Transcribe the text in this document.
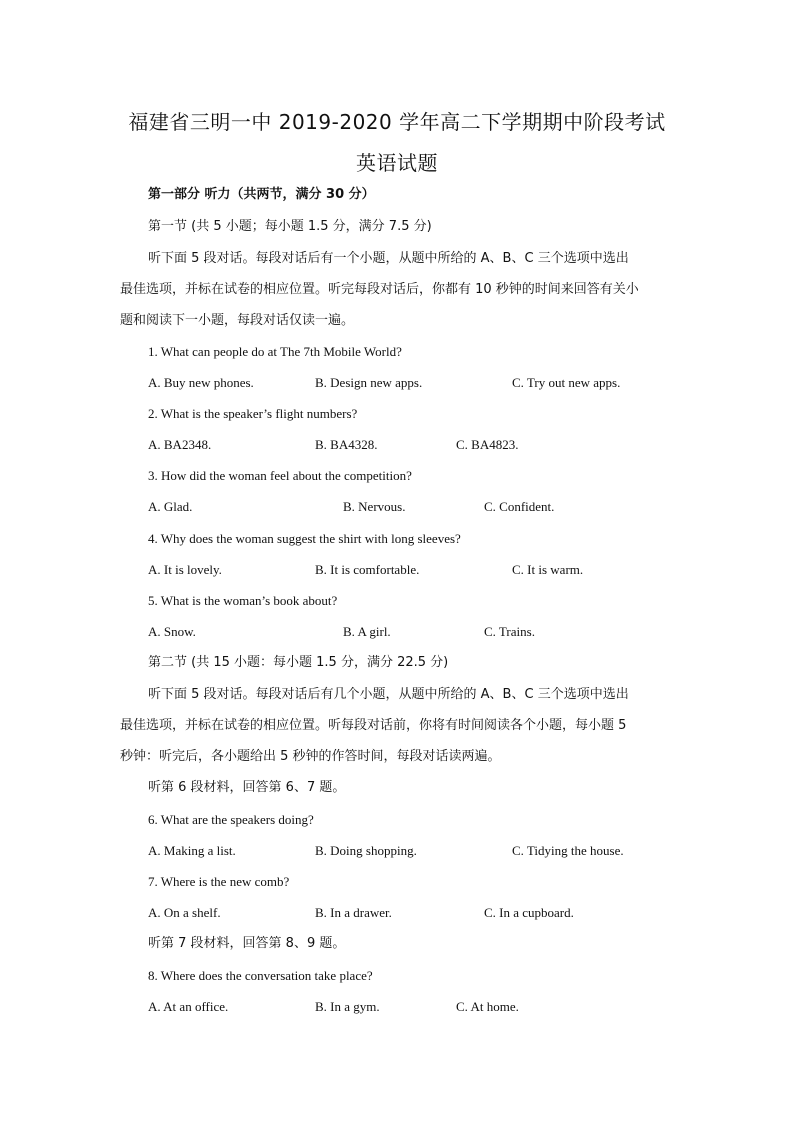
福建省三明一中 2019-2020 学年高二下学期期中阶段考试
英语试题
第一部分 听力（共两节，满分 30 分）
第一节 (共 5 小题；每小题 1.5 分，满分 7.5 分)
听下面 5 段对话。每段对话后有一个小题，从题中所给的 A、B、C 三个选项中选出
最佳选项，并标在试卷的相应位置。听完每段对话后，你都有 10 秒钟的时间来回答有关小
题和阅读下一小题，每段对话仅读一遍。
1. What can people do at The 7th Mobile World?
A. Buy new phones.	B. Design new apps.	C. Try out new apps.
2. What is the speaker’s flight numbers?
A. BA2348.	B. BA4328.	C. BA4823.
3. How did the woman feel about the competition?
A. Glad.	B. Nervous.	C. Confident.
4. Why does the woman suggest the shirt with long sleeves?
A. It is lovely.	B. It is comfortable.	C. It is warm.
5. What is the woman’s book about?
A. Snow.	B. A girl.	C. Trains.
第二节 (共 15 小题：每小题 1.5 分，满分 22.5 分)
听下面 5 段对话。每段对话后有几个小题，从题中所给的 A、B、C 三个选项中选出
最佳选项，并标在试卷的相应位置。听每段对话前，你将有时间阅读各个小题，每小题 5
秒钟：听完后，各小题给出 5 秒钟的作答时间，每段对话读两遍。
听第 6 段材料，回答第 6、7 题。
6. What are the speakers doing?
A. Making a list.	B. Doing shopping.	C. Tidying the house.
7. Where is the new comb?
A. On a shelf.	B. In a drawer.	C. In a cupboard.
听第 7 段材料，回答第 8、9 题。
8. Where does the conversation take place?
A. At an office.	B. In a gym.	C. At home.
